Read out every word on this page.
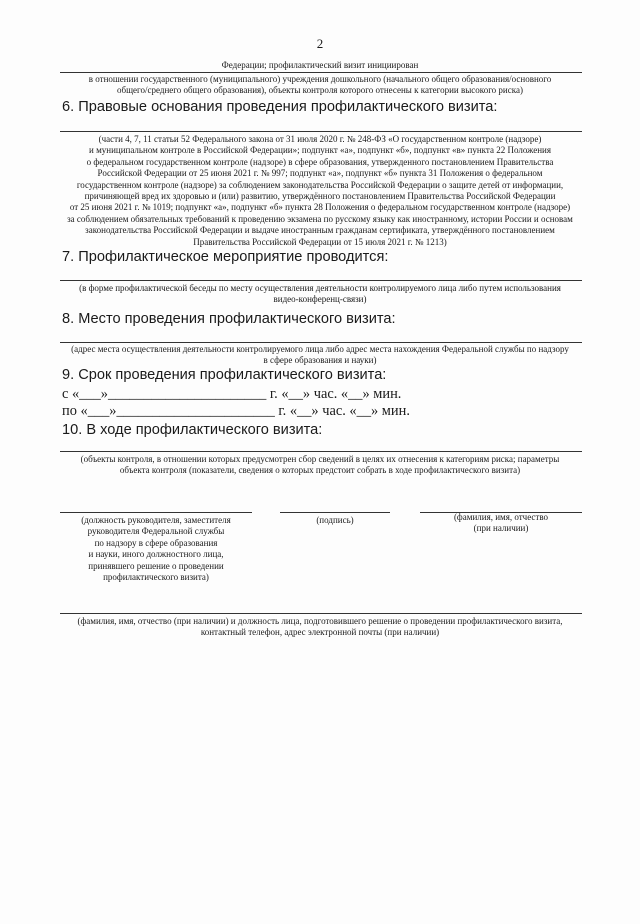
2
Федерации; профилактический визит инициирован
в отношении государственного (муниципального) учреждения дошкольного (начального общего образования/основного
общего/среднего общего образования), объекты контроля которого отнесены к категории высокого риска)
6. Правовые основания проведения профилактического визита:
(части 4, 7, 11 статьи 52 Федерального закона от 31 июля 2020 г. № 248-ФЗ «О государственном контроле (надзоре)
и муниципальном контроле в Российской Федерации»; подпункт «а», подпункт «б», подпункт «в» пункта 22 Положения
о федеральном государственном контроле (надзоре) в сфере образования, утвержденного постановлением Правительства
Российской Федерации от 25 июня 2021 г. № 997; подпункт «а», подпункт «б» пункта 31 Положения о федеральном
государственном контроле (надзоре) за соблюдением законодательства Российской Федерации о защите детей от информации,
причиняющей вред их здоровью и (или) развитию, утверждённого постановлением Правительства Российской Федерации
от 25 июня 2021 г. № 1019; подпункт «а», подпункт «б» пункта 28 Положения о федеральном государственном контроле (надзоре)
за соблюдением обязательных требований к проведению экзамена по русскому языку как иностранному, истории России и основам
законодательства Российской Федерации и выдаче иностранным гражданам сертификата, утверждённого постановлением
Правительства Российской Федерации от 15 июля 2021 г. № 1213)
7. Профилактическое мероприятие проводится:
(в форме профилактической беседы по месту осуществления деятельности контролируемого лица либо путем использования
видео-конференц-связи)
8. Место проведения профилактического визита:
(адрес места осуществления деятельности контролируемого лица либо адрес места нахождения Федеральной службы по надзору
в сфере образования и науки)
9. Срок проведения профилактического визита:
с «___»______________________ г. «__» час. «__» мин.
по «___»______________________ г. «__» час. «__» мин.
10. В ходе профилактического визита:
(объекты контроля, в отношении которых предусмотрен сбор сведений в целях их отнесения к категориям риска; параметры
объекта контроля (показатели, сведения о которых предстоит собрать в ходе профилактического визита)
(должность руководителя, заместителя
руководителя Федеральной службы
по надзору в сфере образования
и науки, иного должностного лица,
принявшего решение о проведении
профилактического визита)
(подпись)	(фамилия, имя, отчество
(при наличии)
(фамилия, имя, отчество (при наличии) и должность лица, подготовившего решение о проведении профилактического визита,
контактный телефон, адрес электронной почты (при наличии)
